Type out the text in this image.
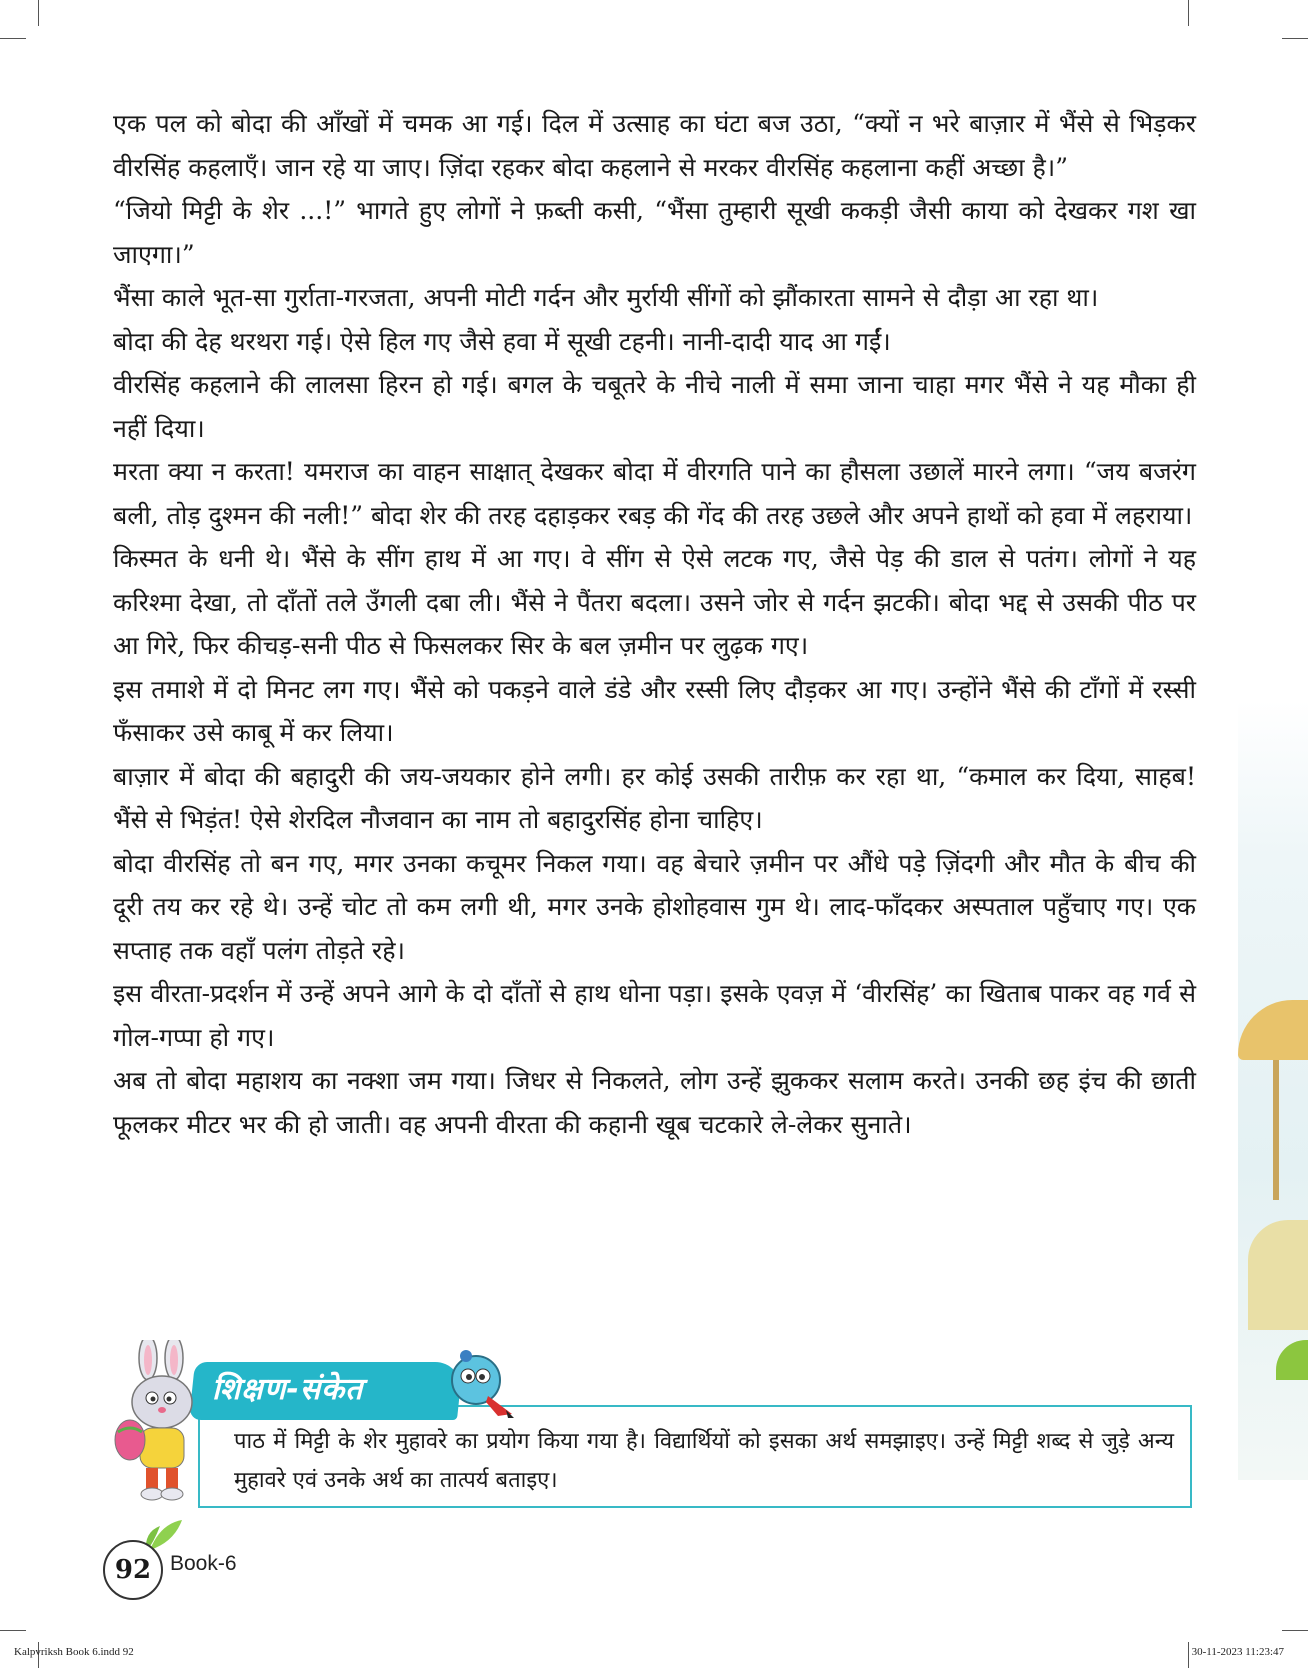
एक पल को बोदा की आँखों में चमक आ गई। दिल में उत्साह का घंटा बज उठा, “क्यों न भरे बाज़ार में भैंसे से भिड़कर वीरसिंह कहलाऍं। जान रहे या जाए। ज़िंदा रहकर बोदा कहलाने से मरकर वीरसिंह कहलाना कहीं अच्छा है।”

“जियो मिट्टी के शेर ...!” भागते हुए लोगों ने फ़ब्ती कसी, “भैंसा तुम्हारी सूखी ककड़ी जैसी काया को देखकर गश खा जाएगा।”

भैंसा काले भूत-सा गुर्राता-गरजता, अपनी मोटी गर्दन और मुर्रायी सींगों को झौंकारता सामने से दौड़ा आ रहा था।

बोदा की देह थरथरा गई। ऐसे हिल गए जैसे हवा में सूखी टहनी। नानी-दादी याद आ गईं।

वीरसिंह कहलाने की लालसा हिरन हो गई। बगल के चबूतरे के नीचे नाली में समा जाना चाहा मगर भैंसे ने यह मौका ही नहीं दिया।

मरता क्या न करता! यमराज का वाहन साक्षात् देखकर बोदा में वीरगति पाने का हौसला उछालें मारने लगा। “जय बजरंग बली, तोड़ दुश्मन की नली!” बोदा शेर की तरह दहाड़कर रबड़ की गेंद की तरह उछले और अपने हाथों को हवा में लहराया।

किस्मत के धनी थे। भैंसे के सींग हाथ में आ गए। वे सींग से ऐसे लटक गए, जैसे पेड़ की डाल से पतंग। लोगों ने यह करिश्मा देखा, तो दाँतों तले उँगली दबा ली। भैंसे ने पैंतरा बदला। उसने जोर से गर्दन झटकी। बोदा भद्द से उसकी पीठ पर आ गिरे, फिर कीचड़-सनी पीठ से फिसलकर सिर के बल ज़मीन पर लुढ़क गए।

इस तमाशे में दो मिनट लग गए। भैंसे को पकड़ने वाले डंडे और रस्सी लिए दौड़कर आ गए। उन्होंने भैंसे की टाँगों में रस्सी फँसाकर उसे काबू में कर लिया।

बाज़ार में बोदा की बहादुरी की जय-जयकार होने लगी। हर कोई उसकी तारीफ़ कर रहा था, “कमाल कर दिया, साहब! भैंसे से भिड़ंत! ऐसे शेरदिल नौजवान का नाम तो बहादुरसिंह होना चाहिए।

बोदा वीरसिंह तो बन गए, मगर उनका कचूमर निकल गया। वह बेचारे ज़मीन पर औंधे पड़े ज़िंदगी और मौत के बीच की दूरी तय कर रहे थे। उन्हें चोट तो कम लगी थी, मगर उनके होशोहवास गुम थे। लाद-फाँदकर अस्पताल पहुँचाए गए। एक सप्ताह तक वहाँ पलंग तोड़ते रहे।

इस वीरता-प्रदर्शन में उन्हें अपने आगे के दो दाँतों से हाथ धोना पड़ा। इसके एवज़ में ‘वीरसिंह’ का खिताब पाकर वह गर्व से गोल-गप्पा हो गए।

अब तो बोदा महाशय का नक्शा जम गया। जिधर से निकलते, लोग उन्हें झुककर सलाम करते। उनकी छह इंच की छाती फूलकर मीटर भर की हो जाती। वह अपनी वीरता की कहानी खूब चटकारे ले-लेकर सुनाते।

शिक्षण-संकेत

पाठ में मिट्टी के शेर मुहावरे का प्रयोग किया गया है। विद्यार्थियों को इसका अर्थ समझाइए। उन्हें मिट्टी शब्द से जुड़े अन्य मुहावरे एवं उनके अर्थ का तात्पर्य बताइए।

92 Book-6
Kalpvriksh Book 6.indd 92	30-11-2023 11:23:47
